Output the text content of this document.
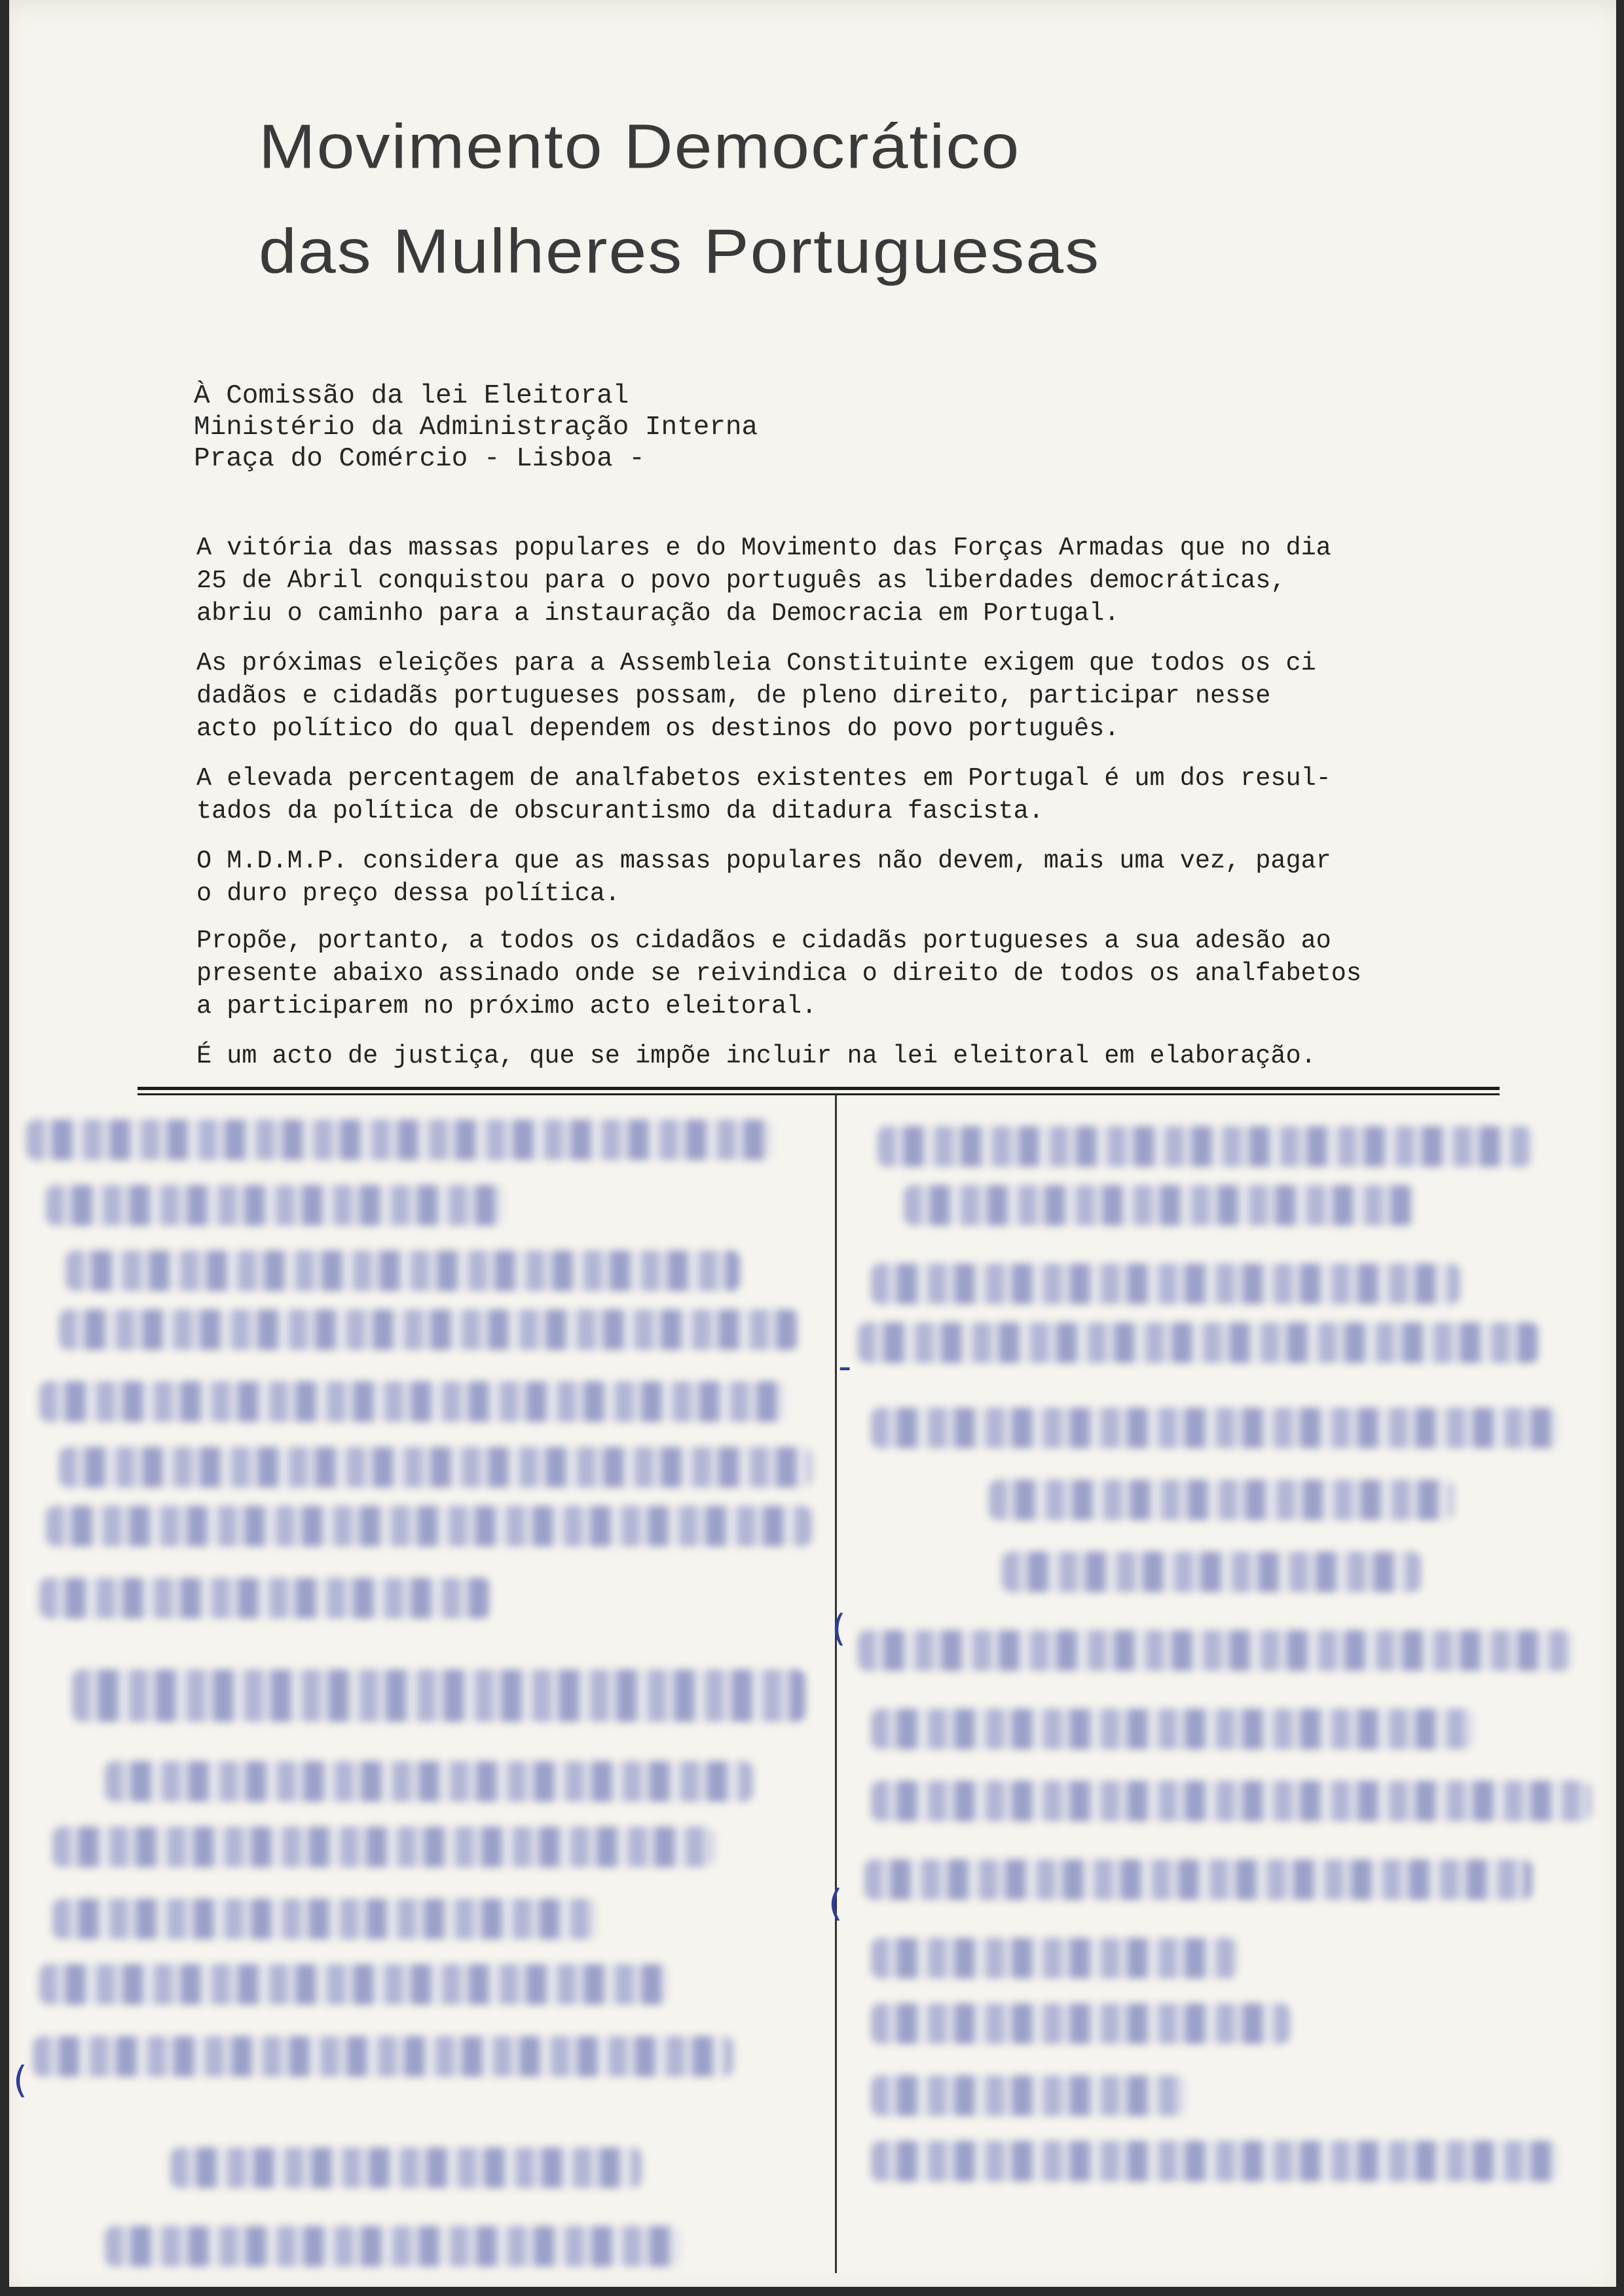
Movimento Democrático
das Mulheres Portuguesas
À Comissão da lei Eleitoral
Ministério da Administração Interna
Praça do Comércio - Lisboa -
A vitória das massas populares e do Movimento das Forças Armadas que no dia
25 de Abril conquistou para o povo português as liberdades democráticas,
abriu o caminho para a instauração da Democracia em Portugal.
As próximas eleições para a Assembleia Constituinte exigem que todos os ci
dadãos e cidadãs portugueses possam, de pleno direito, participar nesse
acto político do qual dependem os destinos do povo português.
A elevada percentagem de analfabetos existentes em Portugal é um dos resul-
tados da política de obscurantismo da ditadura fascista.
O M.D.M.P. considera que as massas populares não devem, mais uma vez, pagar
o duro preço dessa política.
Propõe, portanto, a todos os cidadãos e cidadãs portugueses a sua adesão ao
presente abaixo assinado onde se reivindica o direito de todos os analfabetos
a participarem no próximo acto eleitoral.
É um acto de justiça, que se impõe incluir na lei eleitoral em elaboração.
-
(
(
(
